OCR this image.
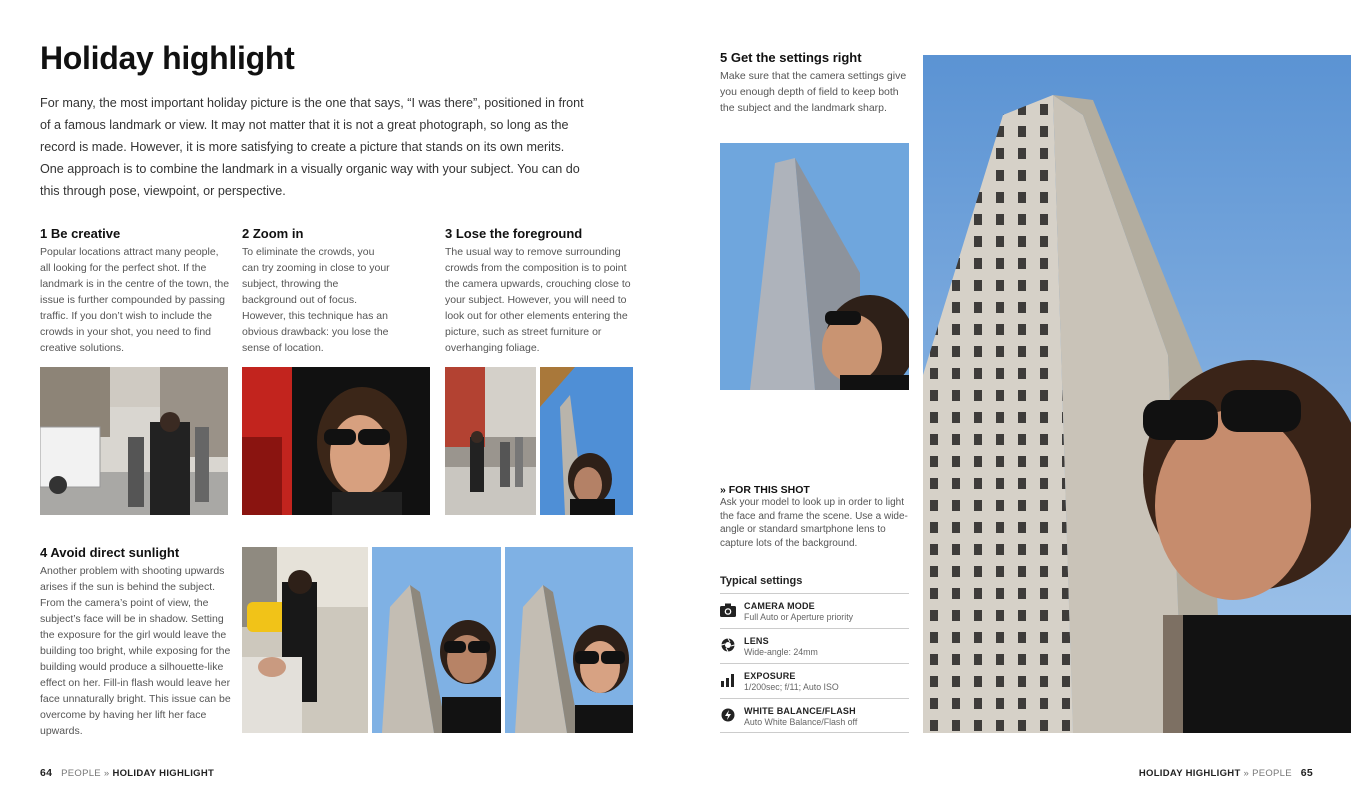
Holiday highlight

For many, the most important holiday picture is the one that says, “I was there”, positioned in front of a famous landmark or view. It may not matter that it is not a great photograph, so long as the record is made. However, it is more satisfying to create a picture that stands on its own merits. One approach is to combine the landmark in a visually organic way with your subject. You can do this through pose, viewpoint, or perspective.

1 Be creative

Popular locations attract many people, all looking for the perfect shot. If the landmark is in the centre of the town, the issue is further compounded by passing traffic. If you don’t wish to include the crowds in your shot, you need to find creative solutions.

2 Zoom in

To eliminate the crowds, you can try zooming in close to your subject, throwing the background out of focus. However, this technique has an obvious drawback: you lose the sense of location.

3 Lose the foreground

The usual way to remove surrounding crowds from the composition is to point the camera upwards, crouching close to your subject. However, you will need to look out for other elements entering the picture, such as street furniture or overhanging foliage.

4 Avoid direct sunlight

Another problem with shooting upwards arises if the sun is behind the subject. From the camera’s point of view, the subject’s face will be in shadow. Setting the exposure for the girl would leave the building too bright, while exposing for the building would produce a silhouette-like effect on her. Fill-in flash would leave her face unnaturally bright. This issue can be overcome by having her lift her face upwards.

5 Get the settings right

Make sure that the camera settings give you enough depth of field to keep both the subject and the landmark sharp.

» FOR THIS SHOT

Ask your model to look up in order to light the face and frame the scene. Use a wide-angle or standard smartphone lens to capture lots of the background.

Typical settings
CAMERA MODE
Full Auto or Aperture priority
LENS
Wide-angle: 24mm
EXPOSURE
1/200sec; f/11; Auto ISO
WHITE BALANCE/FLASH
Auto White Balance/Flash off
64 PEOPLE » HOLIDAY HIGHLIGHT	HOLIDAY HIGHLIGHT » PEOPLE 65
